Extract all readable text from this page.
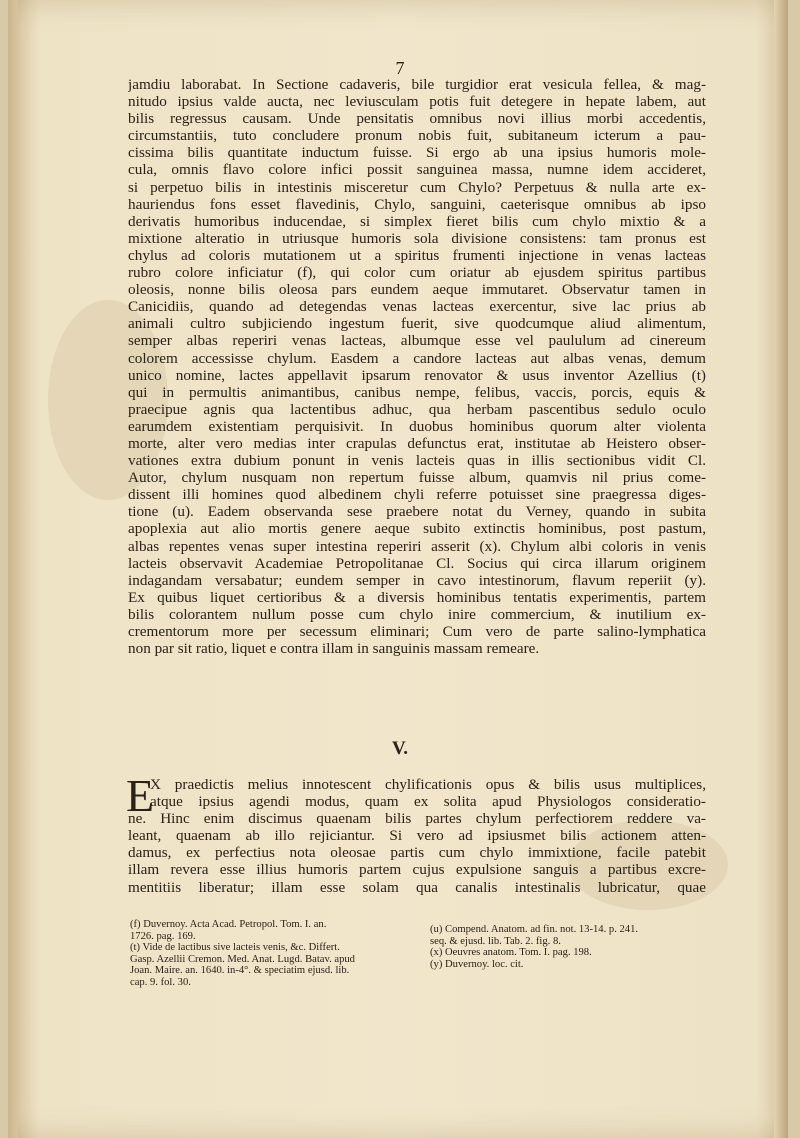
7
jamdiu laborabat. In Sectione cadaveris, bile turgidior erat vesicula fellea, & mag-
nitudo ipsius valde aucta, nec leviusculam potis fuit detegere in hepate labem, aut
bilis regressus causam. Unde pensitatis omnibus novi illius morbi accedentis,
circumstantiis, tuto concludere pronum nobis fuit, subitaneum icterum a pau-
cissima bilis quantitate inductum fuisse. Si ergo ab una ipsius humoris mole-
cula, omnis flavo colore infici possit sanguinea massa, numne idem accideret,
si perpetuo bilis in intestinis misceretur cum Chylo? Perpetuus & nulla arte ex-
hauriendus fons esset flavedinis, Chylo, sanguini, caeterisque omnibus ab ipso
derivatis humoribus inducendae, si simplex fieret bilis cum chylo mixtio & a
mixtione alteratio in utriusque humoris sola divisione consistens: tam pronus est
chylus ad coloris mutationem ut a spiritus frumenti injectione in venas lacteas
rubro colore inficiatur (f), qui color cum oriatur ab ejusdem spiritus partibus
oleosis, nonne bilis oleosa pars eundem aeque immutaret. Observatur tamen in
Canicidiis, quando ad detegendas venas lacteas exercentur, sive lac prius ab
animali cultro subjiciendo ingestum fuerit, sive quodcumque aliud alimentum,
semper albas reperiri venas lacteas, albumque esse vel paululum ad cinereum
colorem accessisse chylum. Easdem a candore lacteas aut albas venas, demum
unico nomine, lactes appellavit ipsarum renovator & usus inventor Azellius (t)
qui in permultis animantibus, canibus nempe, felibus, vaccis, porcis, equis &
praecipue agnis qua lactentibus adhuc, qua herbam pascentibus sedulo oculo
earumdem existentiam perquisivit. In duobus hominibus quorum alter violenta
morte, alter vero medias inter crapulas defunctus erat, institutae ab Heistero obser-
vationes extra dubium ponunt in venis lacteis quas in illis sectionibus vidit Cl.
Autor, chylum nusquam non repertum fuisse album, quamvis nil prius come-
dissent illi homines quod albedinem chyli referre potuisset sine praegressa diges-
tione (u). Eadem observanda sese praebere notat du Verney, quando in subita
apoplexia aut alio mortis genere aeque subito extinctis hominibus, post pastum,
albas repentes venas super intestina reperiri asserit (x). Chylum albi coloris in venis
lacteis observavit Academiae Petropolitanae Cl. Socius qui circa illarum originem
indagandam versabatur; eundem semper in cavo intestinorum, flavum reperiit (y).
Ex quibus liquet certioribus & a diversis hominibus tentatis experimentis, partem
bilis colorantem nullum posse cum chylo inire commercium, & inutilium ex-
crementorum more per secessum eliminari; Cum vero de parte salino-lymphatica
non par sit ratio, liquet e contra illam in sanguinis massam remeare.
V.
E
X praedictis melius innotescent chylificationis opus & bilis usus multiplices,
atque ipsius agendi modus, quam ex solita apud Physiologos consideratio-
ne. Hinc enim discimus quaenam bilis partes chylum perfectiorem reddere va-
leant, quaenam ab illo rejiciantur. Si vero ad ipsiusmet bilis actionem atten-
damus, ex perfectius nota oleosae partis cum chylo immixtione, facile patebit
illam revera esse illius humoris partem cujus expulsione sanguis a partibus excre-
mentitiis liberatur; illam esse solam qua canalis intestinalis lubricatur, quae
(f) Duvernoy. Acta Acad. Petropol. Tom. I. an.
1726. pag. 169.
(t) Vide de lactibus sive lacteis venis, &c. Differt.
Gasp. Azellii Cremon. Med. Anat. Lugd. Batav. apud
Joan. Maire. an. 1640. in-4°. & speciatim ejusd. lib.
cap. 9. fol. 30.
(u) Compend. Anatom. ad fin. not. 13-14. p. 241.
seq. & ejusd. lib. Tab. 2. fig. 8.
(x) Oeuvres anatom. Tom. I. pag. 198.
(y) Duvernoy. loc. cit.
